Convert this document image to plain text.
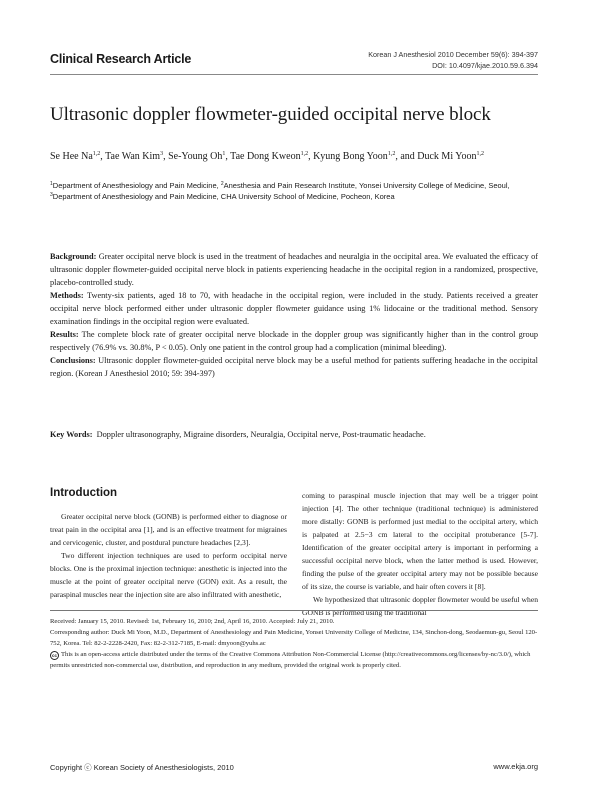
Clinical Research Article	Korean J Anesthesiol 2010 December 59(6): 394-397
DOI: 10.4097/kjae.2010.59.6.394
Ultrasonic doppler flowmeter-guided occipital nerve block
Se Hee Na$^{1,2}$, Tae Wan Kim$^3$, Se-Young Oh$^1$, Tae Dong Kweon$^{1,2}$, Kyung Bong Yoon$^{1,2}$, and Duck Mi Yoon$^{1,2}$
$^1$Department of Anesthesiology and Pain Medicine, $^2$Anesthesia and Pain Research Institute, Yonsei University College of Medicine, Seoul, $^3$Department of Anesthesiology and Pain Medicine, CHA University School of Medicine, Pocheon, Korea

Background: Greater occipital nerve block is used in the treatment of headaches and neuralgia in the occipital area. We evaluated the efficacy of ultrasonic doppler flowmeter-guided occipital nerve block in patients experiencing headache in the occipital region in a randomized, prospective, placebo-controlled study.

Methods: Twenty-six patients, aged 18 to 70, with headache in the occipital region, were included in the study. Patients received a greater occipital nerve block performed either under ultrasonic doppler flowmeter guidance using 1% lidocaine or the traditional method. Sensory examination findings in the occipital region were evaluated.

Results: The complete block rate of greater occipital nerve blockade in the doppler group was significantly higher than in the control group respectively (76.9% vs. 30.8%, P < 0.05). Only one patient in the control group had a complication (minimal bleeding).

Conclusions: Ultrasonic doppler flowmeter-guided occipital nerve block may be a useful method for patients suffering headache in the occipital region. (Korean J Anesthesiol 2010; 59: 394-397)

Key Words: Doppler ultrasonography, Migraine disorders, Neuralgia, Occipital nerve, Post-traumatic headache.
Introduction

Greater occipital nerve block (GONB) is performed either to diagnose or treat pain in the occipital area [1], and is an effective treatment for migraines and cervicogenic, cluster, and postdural puncture headaches [2,3].

Two different injection techniques are used to perform occipital nerve blocks. One is the proximal injection technique: anesthetic is injected into the muscle at the point of greater occipital nerve (GON) exit. As a result, the paraspinal muscles near the injection site are also infiltrated with anesthetic,

coming to paraspinal muscle injection that may well be a trigger point injection [4]. The other technique (traditional technique) is administered more distally: GONB is performed just medial to the occipital artery, which is palpated at 2.5−3 cm lateral to the occipital protuberance [5-7]. Identification of the greater occipital artery is important in performing a successful occipital nerve block, when the latter method is used. However, finding the pulse of the greater occipital artery may not be possible because of its size, the course is variable, and hair often covers it [8].

We hypothesized that ultrasonic doppler flowmeter would be useful when GONB is performed using the traditional

Received: January 15, 2010. Revised: 1st, February 16, 2010; 2nd, April 16, 2010. Accepted: July 21, 2010.

Corresponding author: Duck Mi Yoon, M.D., Department of Anesthesiology and Pain Medicine, Yonsei University College of Medicine, 134, Sinchon-dong, Seodaemun-gu, Seoul 120-752, Korea. Tel: 82-2-2228-2420, Fax: 82-2-312-7185, E-mail: dmyoon@yuhs.ac

cc This is an open-access article distributed under the terms of the Creative Commons Attribution Non-Commercial License (http://creativecommons.org/licenses/by-nc/3.0/), which permits unrestricted non-commercial use, distribution, and reproduction in any medium, provided the original work is properly cited.

Copyright ⓒ Korean Society of Anesthesiologists, 2010	www.ekja.org
